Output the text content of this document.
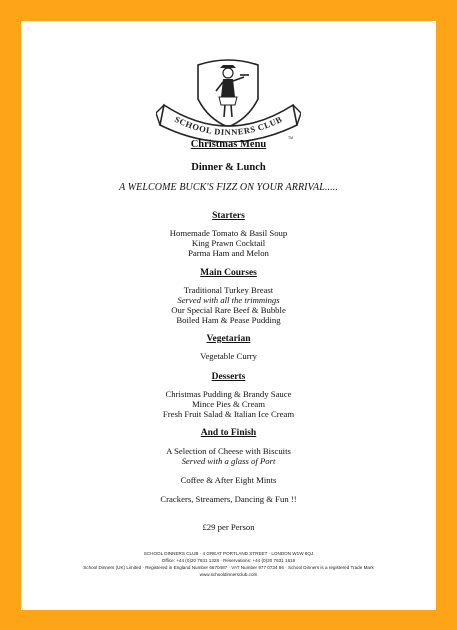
SCHOOL DINNERS CLUB
TM
Christmas Menu
Dinner & Lunch
A WELCOME BUCK'S FIZZ ON YOUR ARRIVAL.....
Starters
Homemade Tomato & Basil Soup
King Prawn Cocktail
Parma Ham and Melon
Main Courses
Traditional Turkey Breast
Served with all the trimmings
Our Special Rare Beef & Bubble
Boiled Ham & Pease Pudding
Vegetarian
Vegetable Curry
Desserts
Christmas Pudding & Brandy Sauce
Mince Pies & Cream
Fresh Fruit Salad & Italian Ice Cream
And to Finish
A Selection of Cheese with Biscuits
Served with a glass of Port
Coffee & After Eight Mints
Crackers, Streamers, Dancing & Fun !!
£29 per Person
SCHOOL DINNERS CLUB · 4 GREAT PORTLAND STREET · LONDON W1W 8QJ
Office: +44 (0)20 7631 1328 · Reservations: +44 (0)20 7631 1616
School Dinners (UK) Limited · Registered in England Number 6670487 · VAT Number 977 0734 86 · School Dinners is a registered Trade Mark
www.schooldinnersclub.com
